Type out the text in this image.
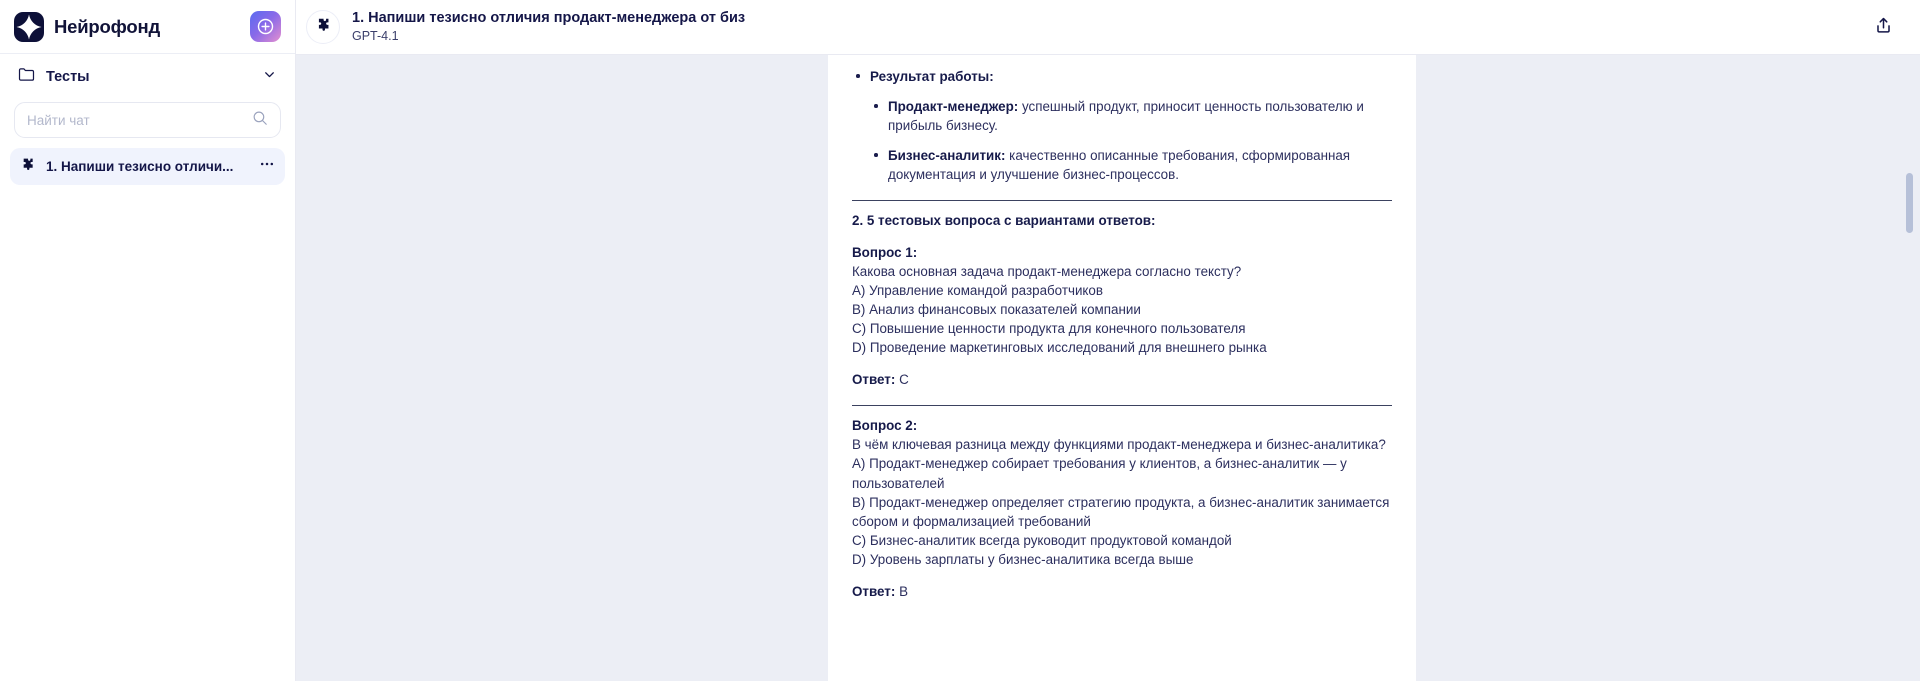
Нейрофонд
Тесты
Найти чат
1. Напиши тезисно отличи...
1. Напиши тезисно отличия продакт-менеджера от биз
GPT-4.1
Результат работы:
Продакт-менеджер: успешный продукт, приносит ценность пользователю и прибыль бизнесу.
Бизнес-аналитик: качественно описанные требования, сформированная документация и улучшение бизнес-процессов.
2. 5 тестовых вопроса с вариантами ответов:
Вопрос 1:
Какова основная задача продакт-менеджера согласно тексту?
A) Управление командой разработчиков
B) Анализ финансовых показателей компании
C) Повышение ценности продукта для конечного пользователя
D) Проведение маркетинговых исследований для внешнего рынка
Ответ: C
Вопрос 2:
В чём ключевая разница между функциями продакт-менеджера и бизнес-аналитика?
A) Продакт-менеджер собирает требования у клиентов, а бизнес-аналитик — у пользователей
B) Продакт-менеджер определяет стратегию продукта, а бизнес-аналитик занимается сбором и формализацией требований
C) Бизнес-аналитик всегда руководит продуктовой командой
D) Уровень зарплаты у бизнес-аналитика всегда выше
Ответ: B
